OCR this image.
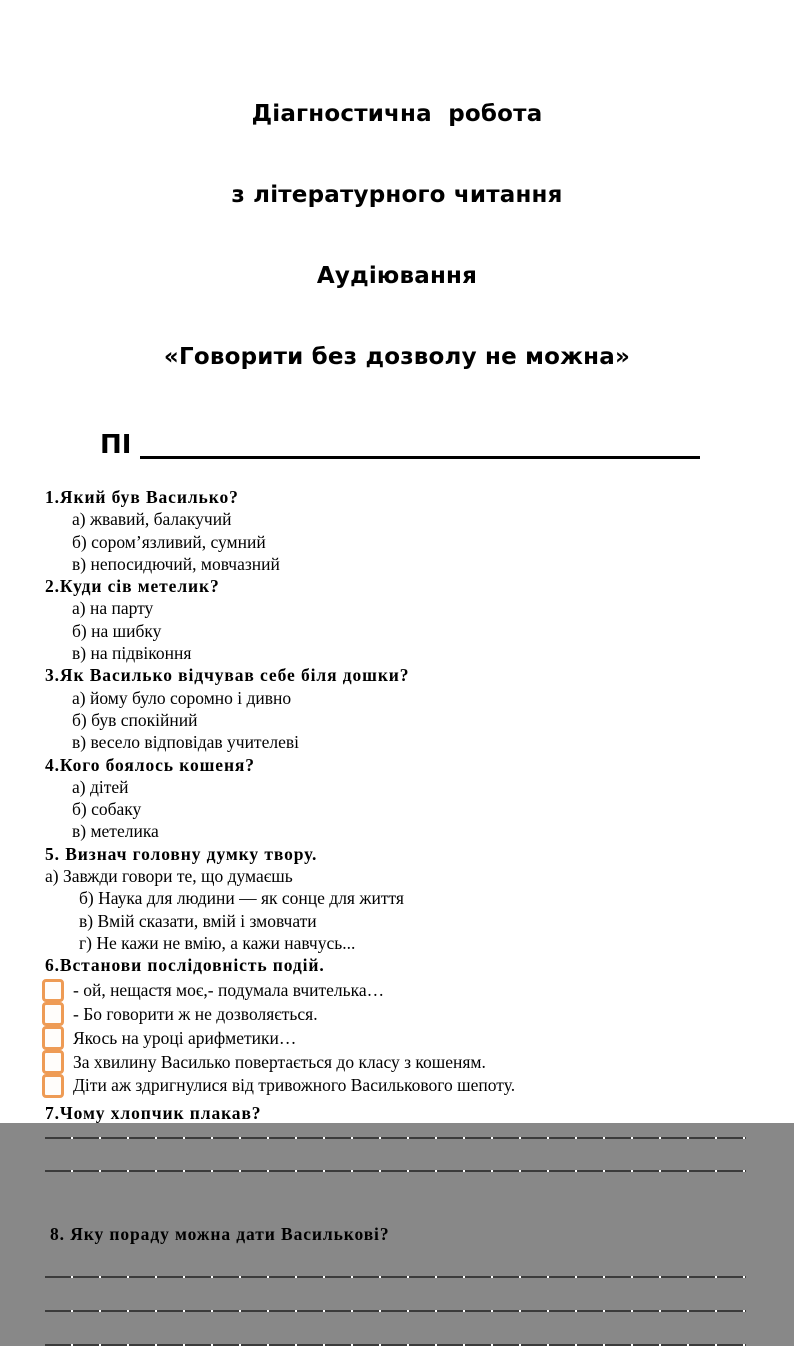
Діагностична  робота

з літературного читання

Аудіювання

«Говорити без дозволу не можна»

ПІ
1.Який був Василько?
а) жвавий, балакучий
б) сором’язливий, сумний
в) непосидючий, мовчазний
2.Куди сів метелик?
а) на парту
б) на шибку
в) на підвіконня
3.Як Василько відчував себе біля дошки?
а) йому було соромно і дивно
б) був спокійний
в) весело відповідав учителеві
4.Кого боялось кошеня?
а) дітей
б) собаку
в) метелика
5. Визнач головну думку твору.
а) Завжди говори те, що думаєшь
б) Наука для людини — як сонце для життя
в) Вмій сказати, вмій і змовчати
г) Не кажи не вмію, а кажи навчусь...
6.Встанови послідовність подій.
- ой, нещастя моє,- подумала вчителька…
- Бо говорити ж не дозволяється.
Якось на уроці арифметики…
За хвилину Василько повертається до класу з кошеням.
Діти аж здригнулися від тривожного Василькового шепоту.
7.Чому хлопчик плакав?
8. Яку пораду можна дати Василькові?
